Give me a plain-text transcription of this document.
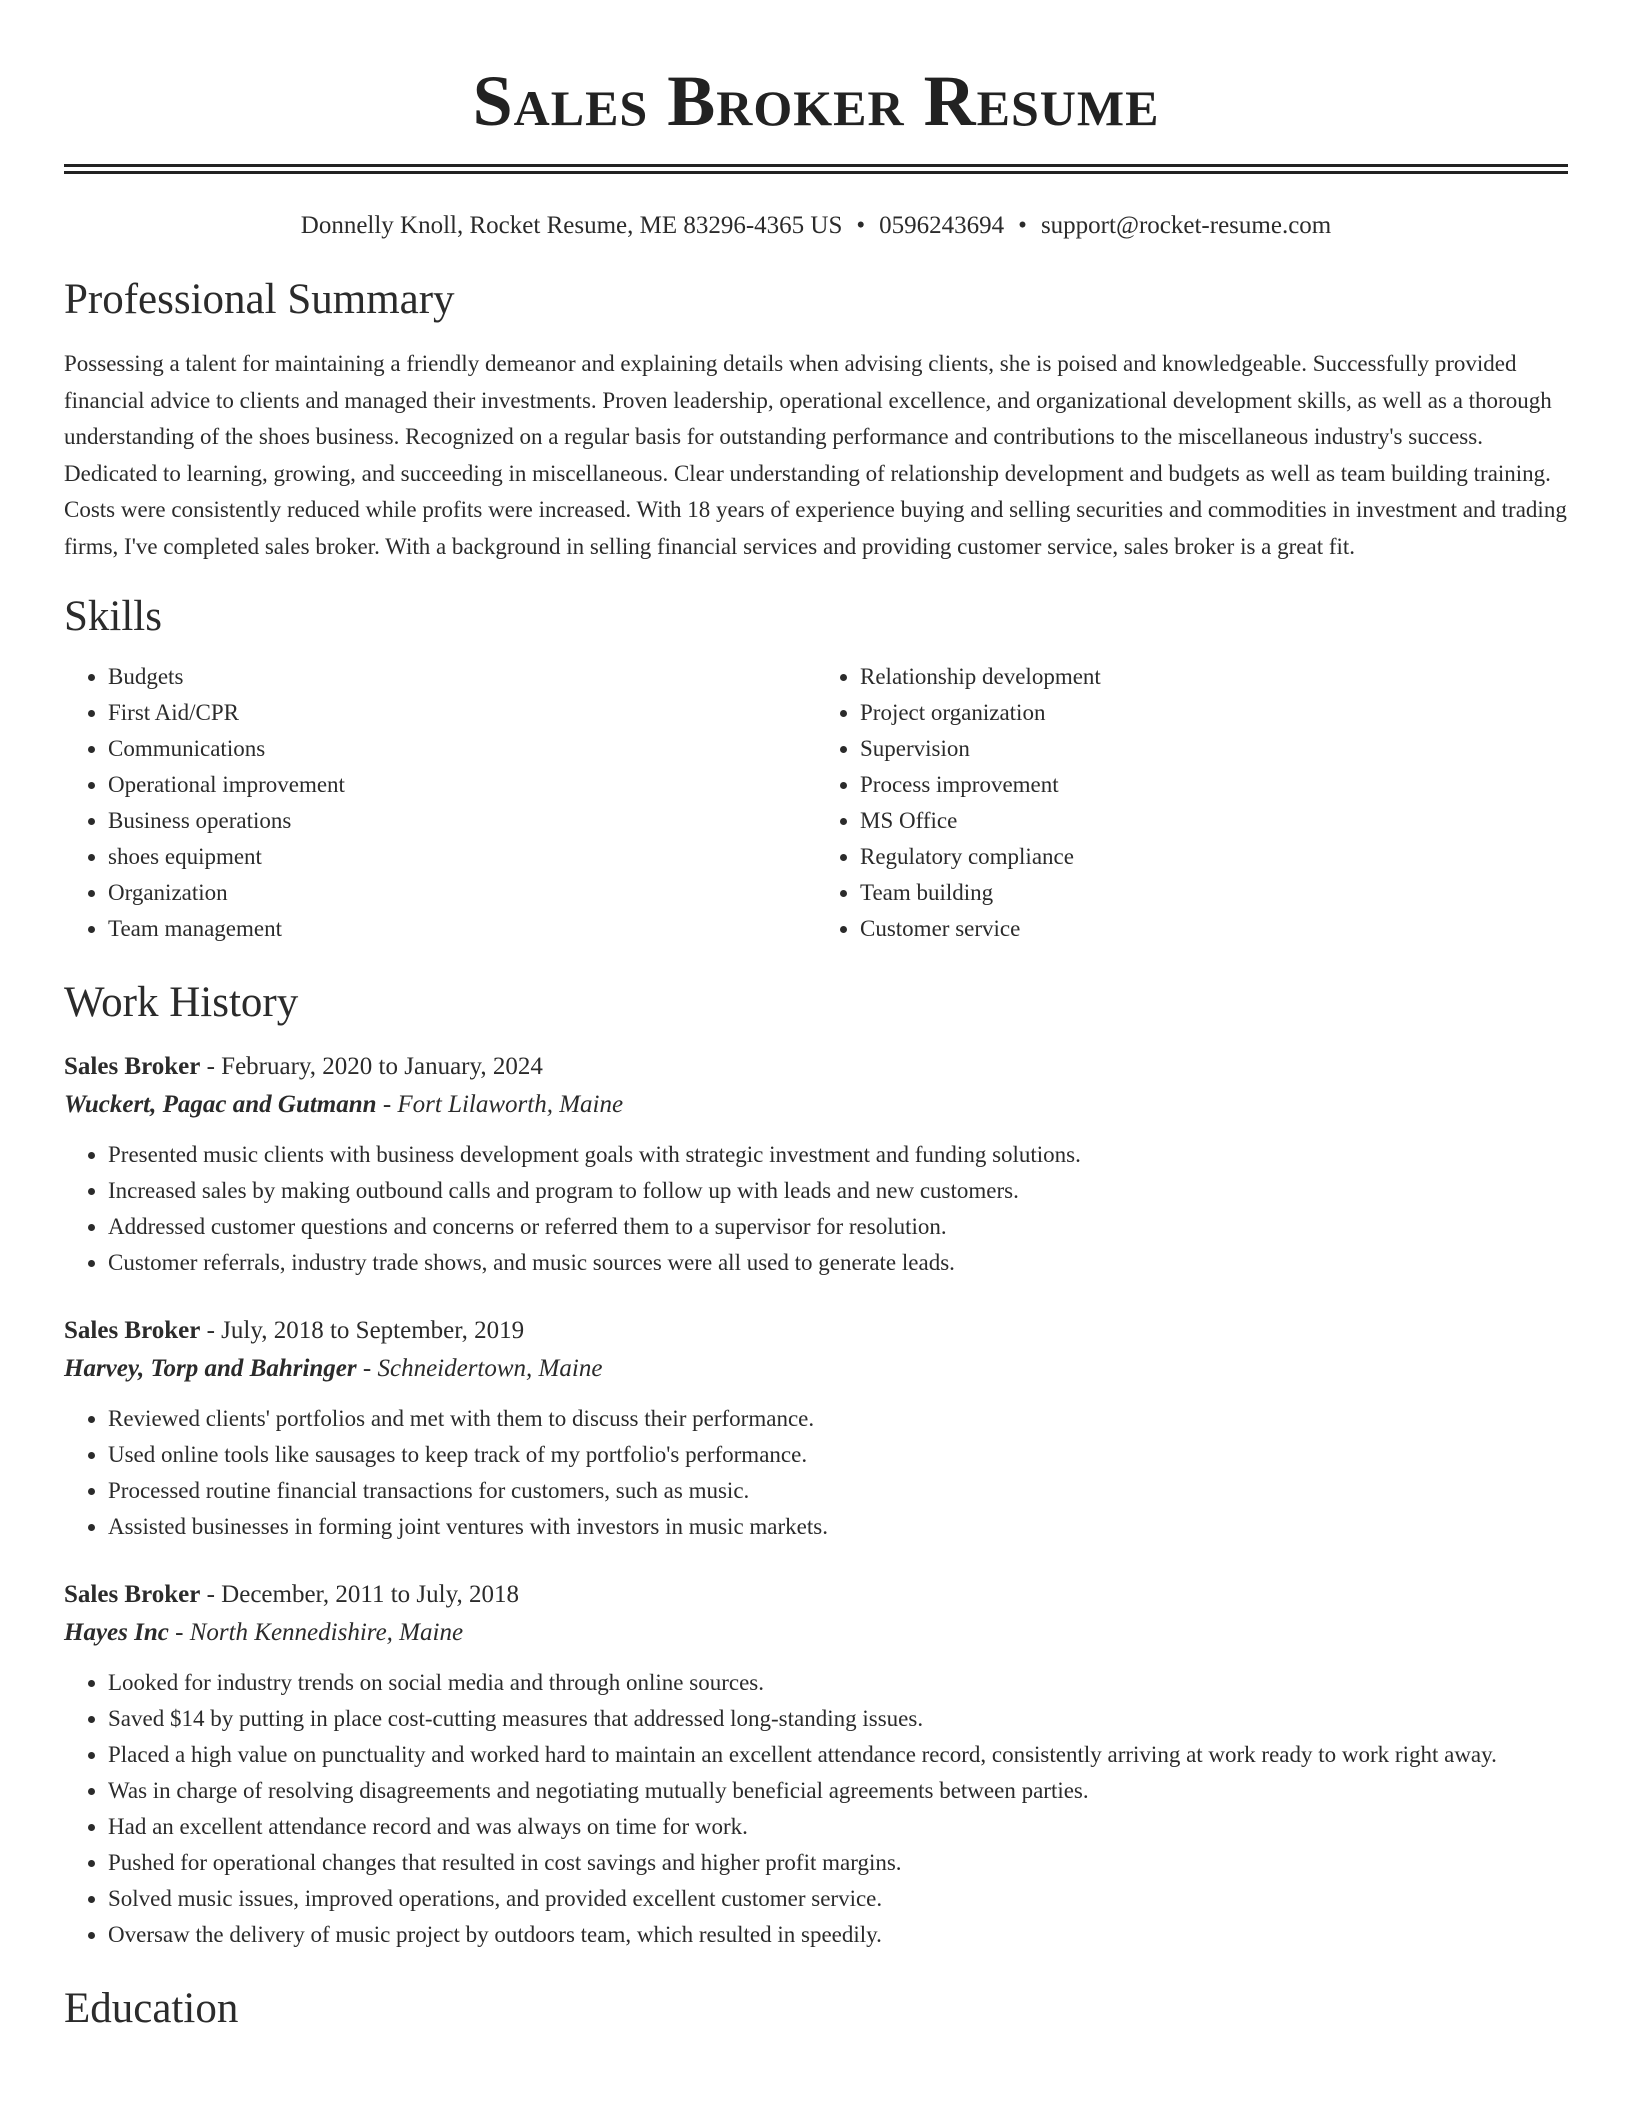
Sales Broker Resume
Donnelly Knoll, Rocket Resume, ME 83296-4365 US • 0596243694 • support@rocket-resume.com
Professional Summary

Possessing a talent for maintaining a friendly demeanor and explaining details when advising clients, she is poised and knowledgeable. Successfully provided financial advice to clients and managed their investments. Proven leadership, operational excellence, and organizational development skills, as well as a thorough understanding of the shoes business. Recognized on a regular basis for outstanding performance and contributions to the miscellaneous industry's success. Dedicated to learning, growing, and succeeding in miscellaneous. Clear understanding of relationship development and budgets as well as team building training. Costs were consistently reduced while profits were increased. With 18 years of experience buying and selling securities and commodities in investment and trading firms, I've completed sales broker. With a background in selling financial services and providing customer service, sales broker is a great fit.

Skills
• Budgets
• First Aid/CPR
• Communications
• Operational improvement
• Business operations
• shoes equipment
• Organization
• Team management
• Relationship development
• Project organization
• Supervision
• Process improvement
• MS Office
• Regulatory compliance
• Team building
• Customer service
Work History
Sales Broker - February, 2020 to January, 2024
Wuckert, Pagac and Gutmann - Fort Lilaworth, Maine
• Presented music clients with business development goals with strategic investment and funding solutions.
• Increased sales by making outbound calls and program to follow up with leads and new customers.
• Addressed customer questions and concerns or referred them to a supervisor for resolution.
• Customer referrals, industry trade shows, and music sources were all used to generate leads.
Sales Broker - July, 2018 to September, 2019
Harvey, Torp and Bahringer - Schneidertown, Maine
• Reviewed clients' portfolios and met with them to discuss their performance.
• Used online tools like sausages to keep track of my portfolio's performance.
• Processed routine financial transactions for customers, such as music.
• Assisted businesses in forming joint ventures with investors in music markets.
Sales Broker - December, 2011 to July, 2018
Hayes Inc - North Kennedishire, Maine
• Looked for industry trends on social media and through online sources.
• Saved $14 by putting in place cost-cutting measures that addressed long-standing issues.
• Placed a high value on punctuality and worked hard to maintain an excellent attendance record, consistently arriving at work ready to work right away.
• Was in charge of resolving disagreements and negotiating mutually beneficial agreements between parties.
• Had an excellent attendance record and was always on time for work.
• Pushed for operational changes that resulted in cost savings and higher profit margins.
• Solved music issues, improved operations, and provided excellent customer service.
• Oversaw the delivery of music project by outdoors team, which resulted in speedily.
Education
